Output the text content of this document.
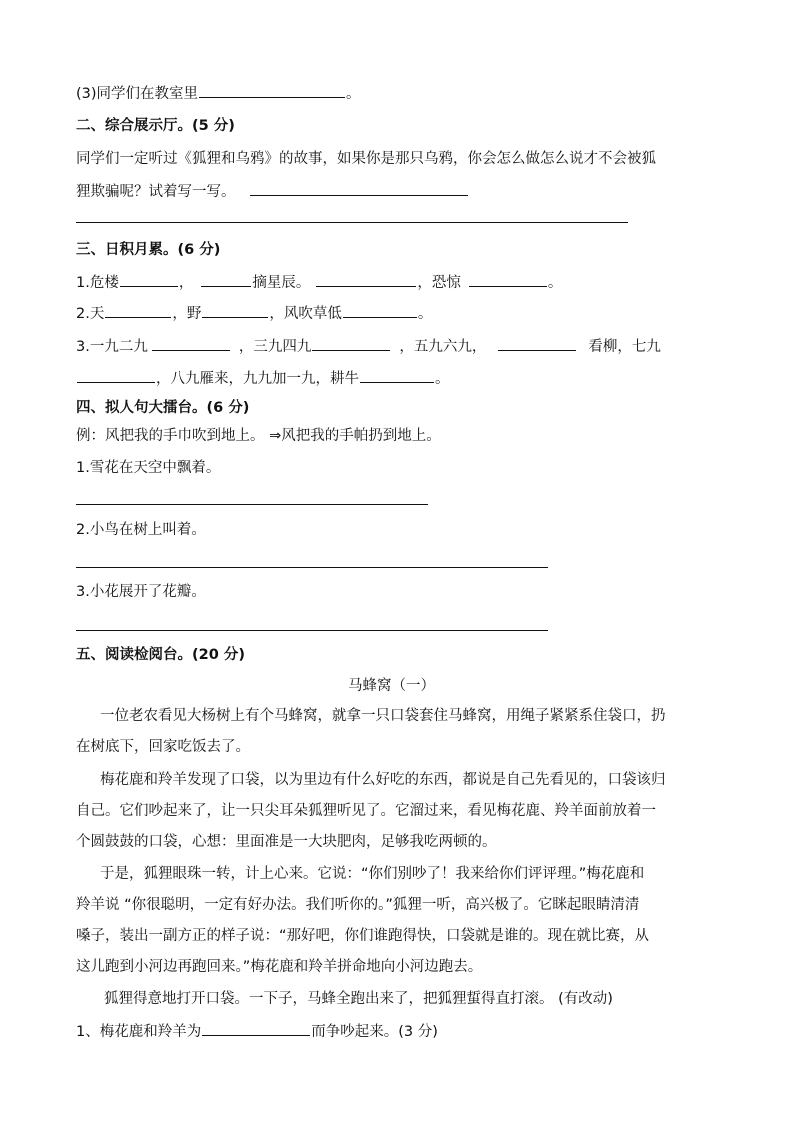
(3)同学们在教室里	。
二、综合展示厅。(5 分)
同学们一定听过《狐狸和乌鸦》的故事，如果你是那只乌鸦，你会怎么做怎么说才不会被狐
狸欺骗呢？试着写一写。
三、日积月累。(6 分)
1.危楼	，	摘星辰。	，恐惊	。
2.天	，野	，风吹草低	。
3.一九二九	，三九四九	，五九六九，	看柳，七九
，八九雁来，九九加一九，耕牛	。
四、拟人句大擂台。(6 分)
例：风把我的手巾吹到地上。 ⇒风把我的手帕扔到地上。
1.雪花在天空中飘着。
2.小鸟在树上叫着。
3.小花展开了花瓣。
五、阅读检阅台。(20 分)
马蜂窝（一）
一位老农看见大杨树上有个马蜂窝，就拿一只口袋套住马蜂窝，用绳子紧紧系住袋口，扔
在树底下，回家吃饭去了。
梅花鹿和羚羊发现了口袋，以为里边有什么好吃的东西，都说是自己先看见的，口袋该归
自己。它们吵起来了，让一只尖耳朵狐狸听见了。它溜过来，看见梅花鹿、羚羊面前放着一
个圆鼓鼓的口袋，心想：里面准是一大块肥肉，足够我吃两顿的。
于是，狐狸眼珠一转，计上心来。它说：“你们别吵了！我来给你们评评理。”梅花鹿和
羚羊说 “你很聪明，一定有好办法。我们听你的。”狐狸一听，高兴极了。它眯起眼睛清清
嗓子，装出一副方正的样子说：“那好吧，你们谁跑得快，口袋就是谁的。现在就比赛，从
这儿跑到小河边再跑回来。”梅花鹿和羚羊拼命地向小河边跑去。
狐狸得意地打开口袋。一下子，马蜂全跑出来了，把狐狸蜇得直打滚。 (有改动)
1、梅花鹿和羚羊为	而争吵起来。(3 分)
